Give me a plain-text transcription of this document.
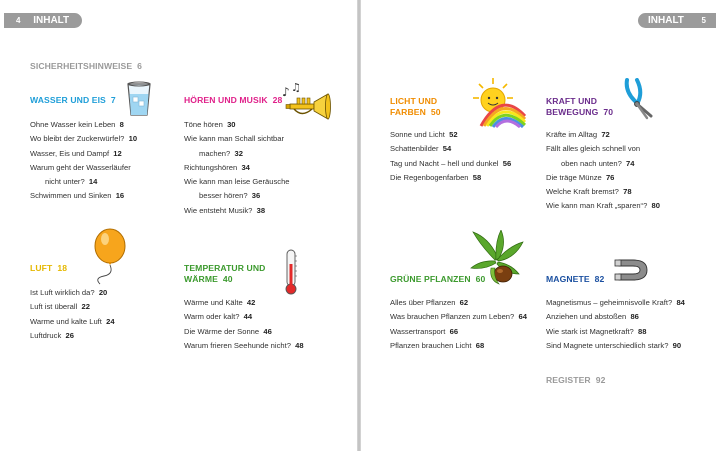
4 INHALT
SICHERHEITSHINWEISE 6
WASSER UND EIS 7
Ohne Wasser kein Leben 8
Wo bleibt der Zuckerwürfel? 10
Wasser, Eis und Dampf 12
Warum geht der Wasserläufer
nicht unter? 14
Schwimmen und Sinken 16
HÖREN UND MUSIK 28
♪ ♫
Töne hören 30
Wie kann man Schall sichtbar
machen? 32
Richtungshören 34
Wie kann man leise Geräusche
besser hören? 36
Wie entsteht Musik? 38
LUFT 18
Ist Luft wirklich da? 20
Luft ist überall 22
Warme und kalte Luft 24
Luftdruck 26
TEMPERATUR UND
WÄRME 40
Wärme und Kälte 42
Warm oder kalt? 44
Die Wärme der Sonne 46
Warum frieren Seehunde nicht? 48
INHALT 5
LICHT UND
FARBEN 50
Sonne und Licht 52
Schattenbilder 54
Tag und Nacht – hell und dunkel 56
Die Regenbogenfarben 58
KRAFT UND
BEWEGUNG 70
Kräfte im Alltag 72
Fällt alles gleich schnell von
oben nach unten? 74
Die träge Münze 76
Welche Kraft bremst? 78
Wie kann man Kraft „sparen“? 80
GRÜNE PFLANZEN 60
Alles über Pflanzen 62
Was brauchen Pflanzen zum Leben? 64
Wassertransport 66
Pflanzen brauchen Licht 68
MAGNETE 82
Magnetismus – geheimnisvolle Kraft? 84
Anziehen und abstoßen 86
Wie stark ist Magnetkraft? 88
Sind Magnete unterschiedlich stark? 90
REGISTER 92
